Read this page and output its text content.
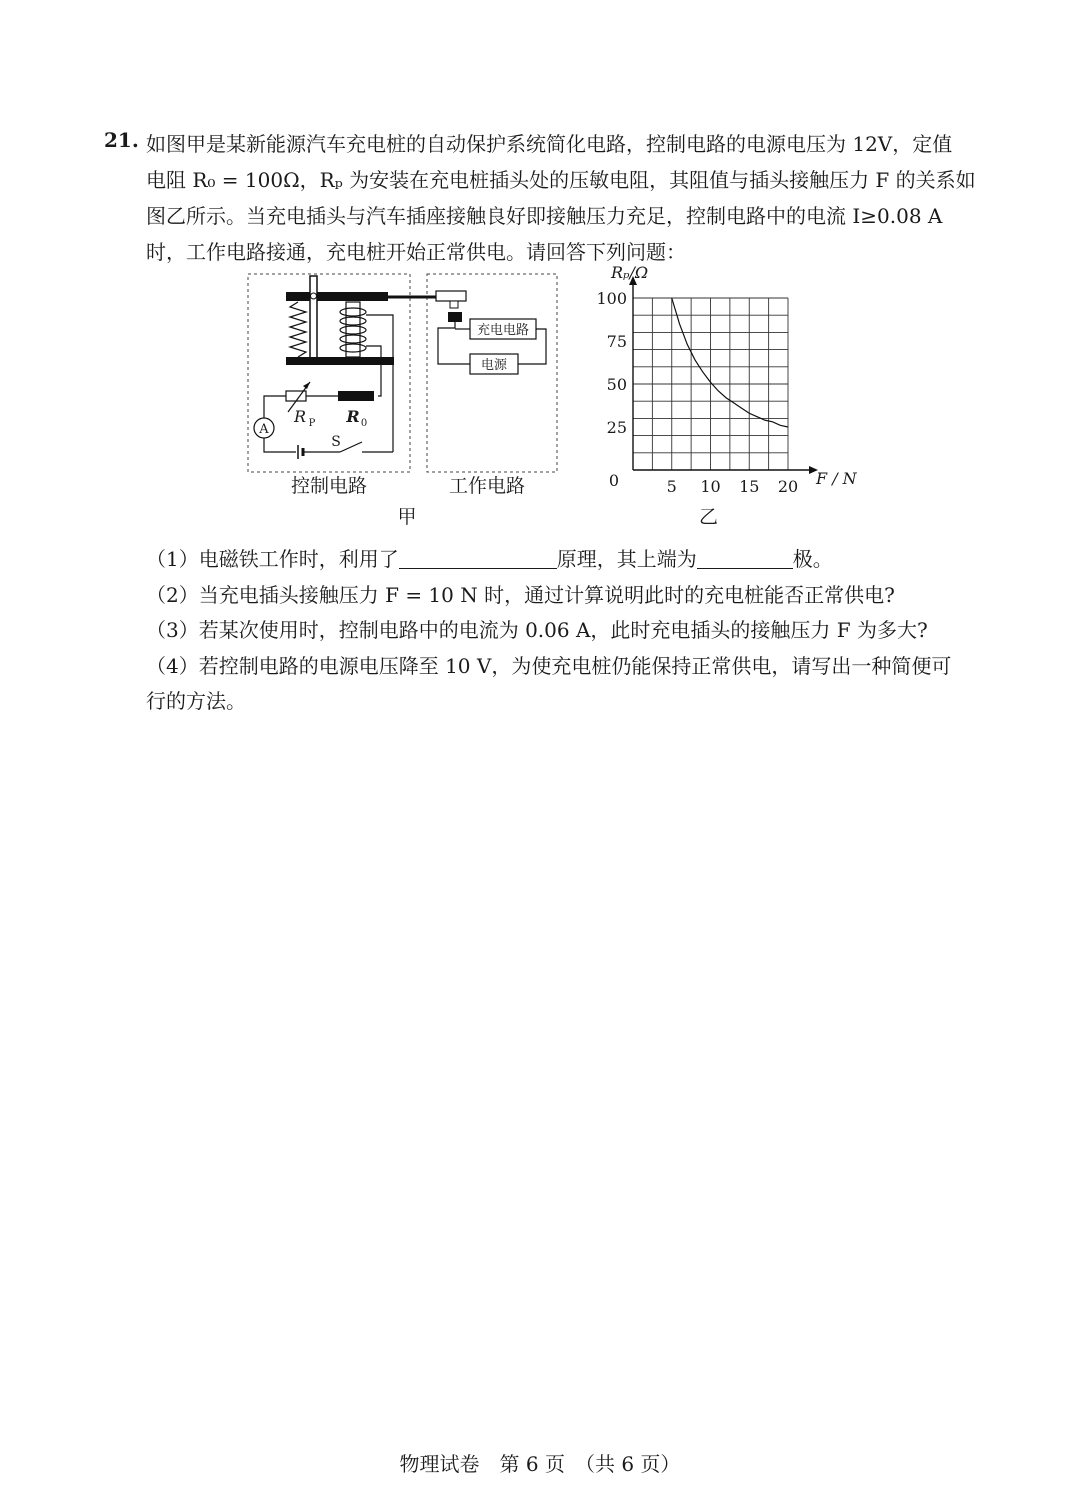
21. 如图甲是某新能源汽车充电桩的自动保护系统简化电路，控制电路的电源电压为 12V，定值
电阻 R₀ = 100Ω，Rₚ 为安装在充电桩插头处的压敏电阻，其阻值与插头接触压力 F 的关系如
图乙所示。当充电插头与汽车插座接触良好即接触压力充足，控制电路中的电流 I≥0.08 A
时，工作电路接通，充电桩开始正常供电。请回答下列问题：
A
R P R 0
S
充电电路
电源
控制电路	工作电路
甲
5 10 15 20
100
75
50
25
0	F / N
Rₚ/Ω
乙
（1）电磁铁工作时，利用了	原理，其上端为	极。
（2）当充电插头接触压力 F = 10 N 时，通过计算说明此时的充电桩能否正常供电?
（3）若某次使用时，控制电路中的电流为 0.06 A，此时充电插头的接触压力 F 为多大?
（4）若控制电路的电源电压降至 10 V，为使充电桩仍能保持正常供电，请写出一种简便可
行的方法。
物理试卷　第 6 页　（共 6 页）
